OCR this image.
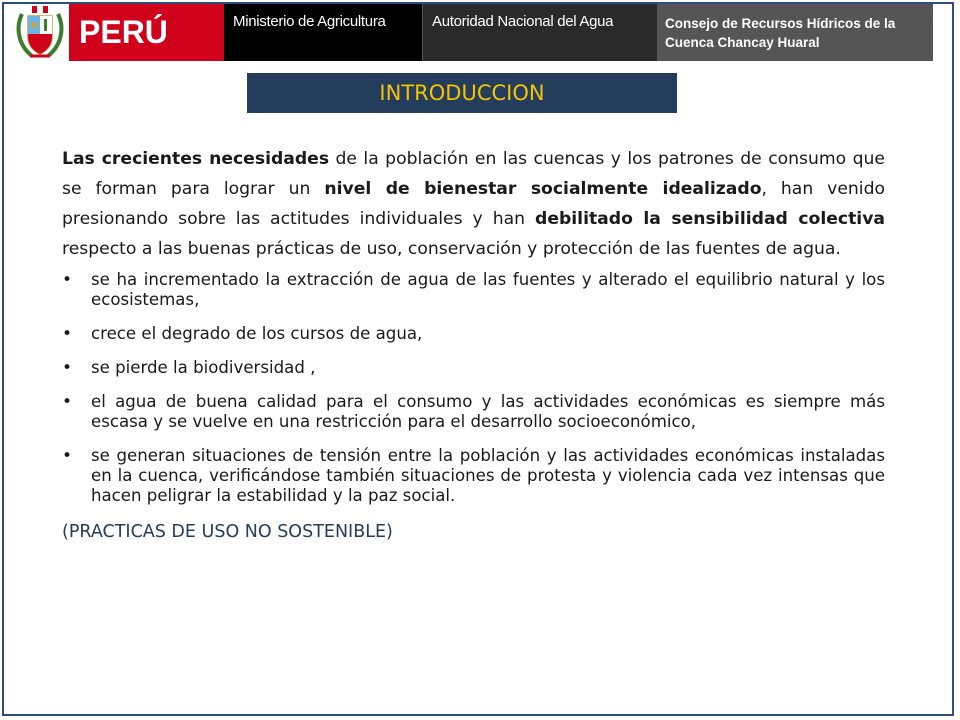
PERÚ	Ministerio de Agricultura	Autoridad Nacional del Agua	Consejo de Recursos Hídricos de la Cuenca Chancay Huaral
INTRODUCCION

Las crecientes necesidades de la población en las cuencas y los patrones de consumo que se forman para lograr un nivel de bienestar socialmente idealizado, han venido presionando sobre las actitudes individuales y han debilitado la sensibilidad colectiva respecto a las buenas prácticas de uso, conservación y protección de las fuentes de agua.

• se ha incrementado la extracción de agua de las fuentes y alterado el equilibrio natural y los ecosistemas,
• crece el degrado de los cursos de agua,
• se pierde la biodiversidad ,
• el agua de buena calidad para el consumo y las actividades económicas es siempre más escasa y se vuelve en una restricción para el desarrollo socioeconómico,
• se generan situaciones de tensión entre la población y las actividades económicas instaladas en la cuenca, verificándose también situaciones de protesta y violencia cada vez intensas que hacen peligrar la estabilidad y la paz social.

(PRACTICAS DE USO NO SOSTENIBLE)
